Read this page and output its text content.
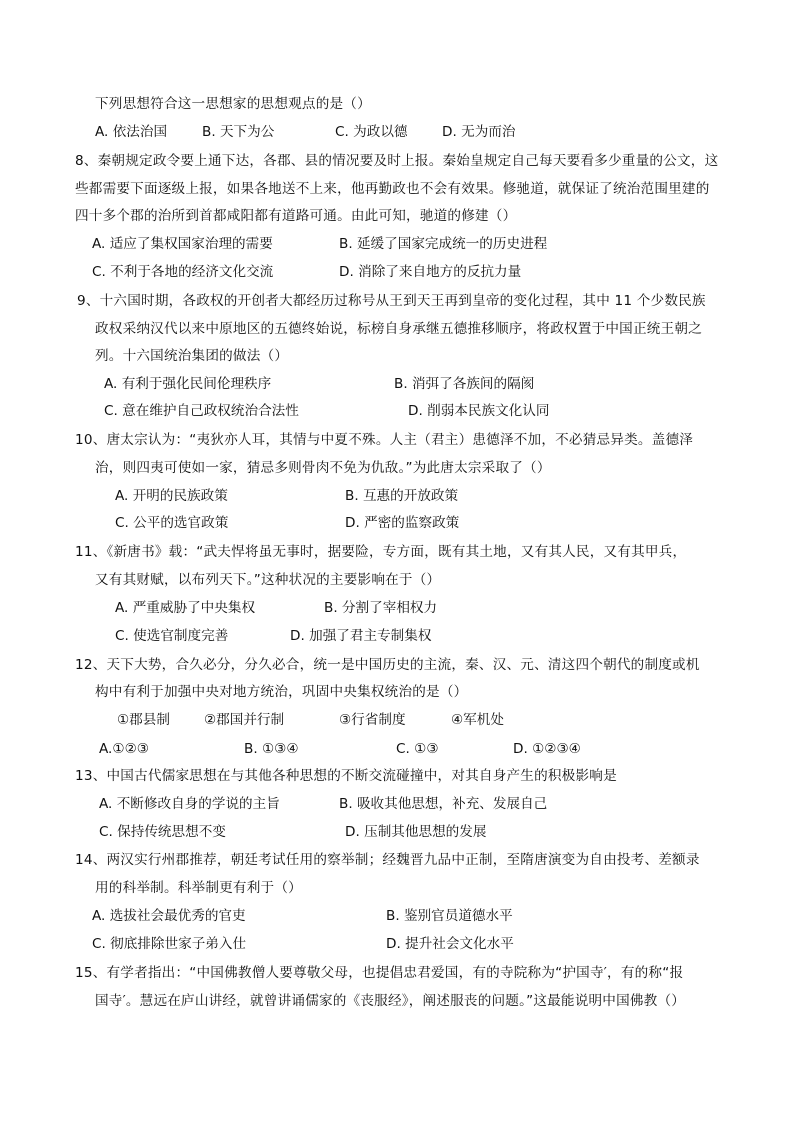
下列思想符合这一思想家的思想观点的是（）
A. 依法治国	B. 天下为公	C. 为政以德	D. 无为而治
8、秦朝规定政令要上通下达，各郡、县的情况要及时上报。秦始皇规定自己每天要看多少重量的公文，这
些都需要下面逐级上报，如果各地送不上来，他再勤政也不会有效果。修驰道，就保证了统治范围里建的
四十多个郡的治所到首都咸阳都有道路可通。由此可知，驰道的修建（）
A. 适应了集权国家治理的需要	B. 延缓了国家完成统一的历史进程
C. 不利于各地的经济文化交流	D. 消除了来自地方的反抗力量
9、十六国时期，各政权的开创者大都经历过称号从王到天王再到皇帝的变化过程，其中 11 个少数民族
政权采纳汉代以来中原地区的五德终始说，标榜自身承继五德推移顺序，将政权置于中国正统王朝之
列。十六国统治集团的做法（）
A. 有利于强化民间伦理秩序	B. 消弭了各族间的隔阂
C. 意在维护自己政权统治合法性	D. 削弱本民族文化认同
10、唐太宗认为：“夷狄亦人耳，其情与中夏不殊。人主（君主）患德泽不加，不必猜忌异类。盖德泽
治，则四夷可使如一家，猜忌多则骨肉不免为仇敌。”为此唐太宗采取了（）
A. 开明的民族政策	B. 互惠的开放政策
C. 公平的选官政策	D. 严密的监察政策
11、《新唐书》载：“武夫悍将虽无事时，据要险，专方面，既有其土地，又有其人民，又有其甲兵，
又有其财赋，以布列天下。”这种状况的主要影响在于（）
A. 严重威胁了中央集权	B. 分割了宰相权力
C. 使选官制度完善	D. 加强了君主专制集权
12、天下大势，合久必分，分久必合，统一是中国历史的主流，秦、汉、元、清这四个朝代的制度或机
构中有利于加强中央对地方统治，巩固中央集权统治的是（）
①郡县制	②郡国并行制	③行省制度	④军机处
A.①②③	B. ①③④	C. ①③	D. ①②③④
13、中国古代儒家思想在与其他各种思想的不断交流碰撞中，对其自身产生的积极影响是
A. 不断修改自身的学说的主旨	B. 吸收其他思想，补充、发展自己
C. 保持传统思想不变	D. 压制其他思想的发展
14、两汉实行州郡推荐，朝廷考试任用的察举制；经魏晋九品中正制，至隋唐演变为自由投考、差额录
用的科举制。科举制更有利于（）
A. 选拔社会最优秀的官吏	B. 鉴别官员道德水平
C. 彻底排除世家子弟入仕	D. 提升社会文化水平
15、有学者指出：“中国佛教僧人要尊敬父母，也提倡忠君爱国，有的寺院称为“护国寺′，有的称“报
国寺′。慧远在庐山讲经，就曾讲诵儒家的《丧服经》，阐述服丧的问题。”这最能说明中国佛教（）
